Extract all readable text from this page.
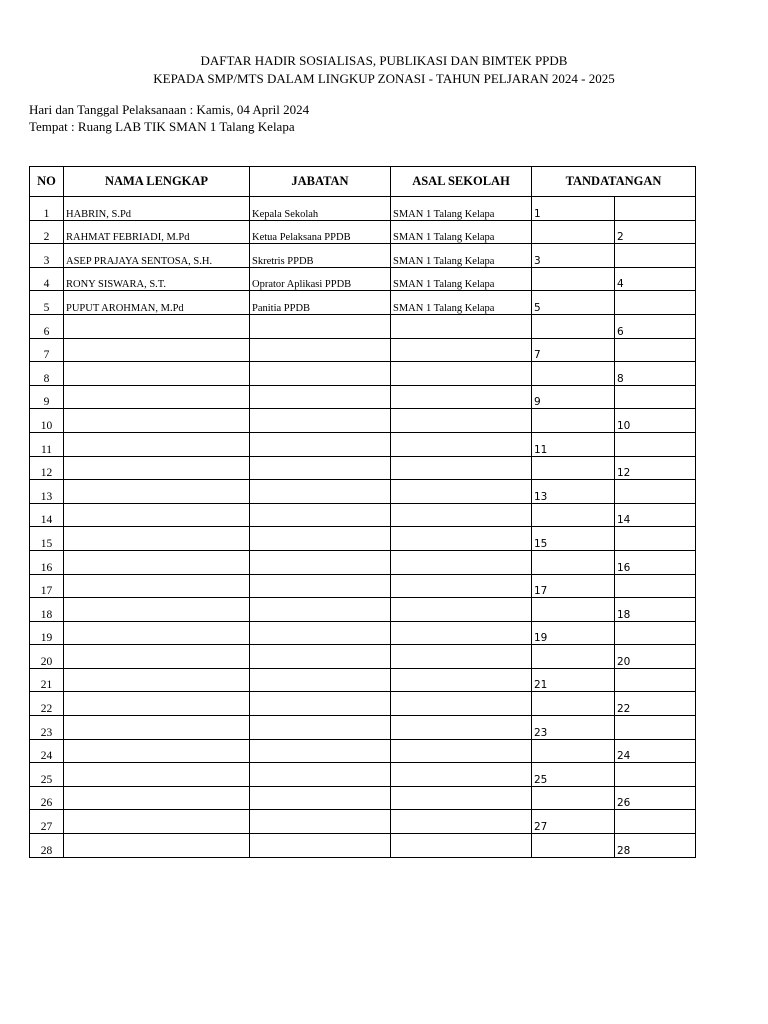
DAFTAR HADIR SOSIALISAS, PUBLIKASI DAN BIMTEK PPDB
KEPADA SMP/MTS DALAM LINGKUP ZONASI - TAHUN PELJARAN 2024 - 2025
Hari dan Tanggal Pelaksanaan : Kamis, 04 April 2024
Tempat : Ruang LAB TIK SMAN 1 Talang Kelapa
NO	NAMA LENGKAP	JABATAN	ASAL SEKOLAH	TANDATANGAN	
1	HABRIN, S.Pd	Kepala Sekolah	SMAN 1 Talang Kelapa	1	
2	RAHMAT FEBRIADI, M.Pd	Ketua Pelaksana PPDB	SMAN 1 Talang Kelapa		2
3	ASEP PRAJAYA SENTOSA, S.H.	Skretris PPDB	SMAN 1 Talang Kelapa	3	
4	RONY SISWARA, S.T.	Oprator Aplikasi PPDB	SMAN 1 Talang Kelapa		4
5	PUPUT AROHMAN, M.Pd	Panitia PPDB	SMAN 1 Talang Kelapa	5	
6					6
7				7	
8					8
9				9	
10					10
11				11	
12					12
13				13	
14					14
15				15	
16					16
17				17	
18					18
19				19	
20					20
21				21	
22					22
23				23	
24					24
25				25	
26					26
27				27	
28					28
